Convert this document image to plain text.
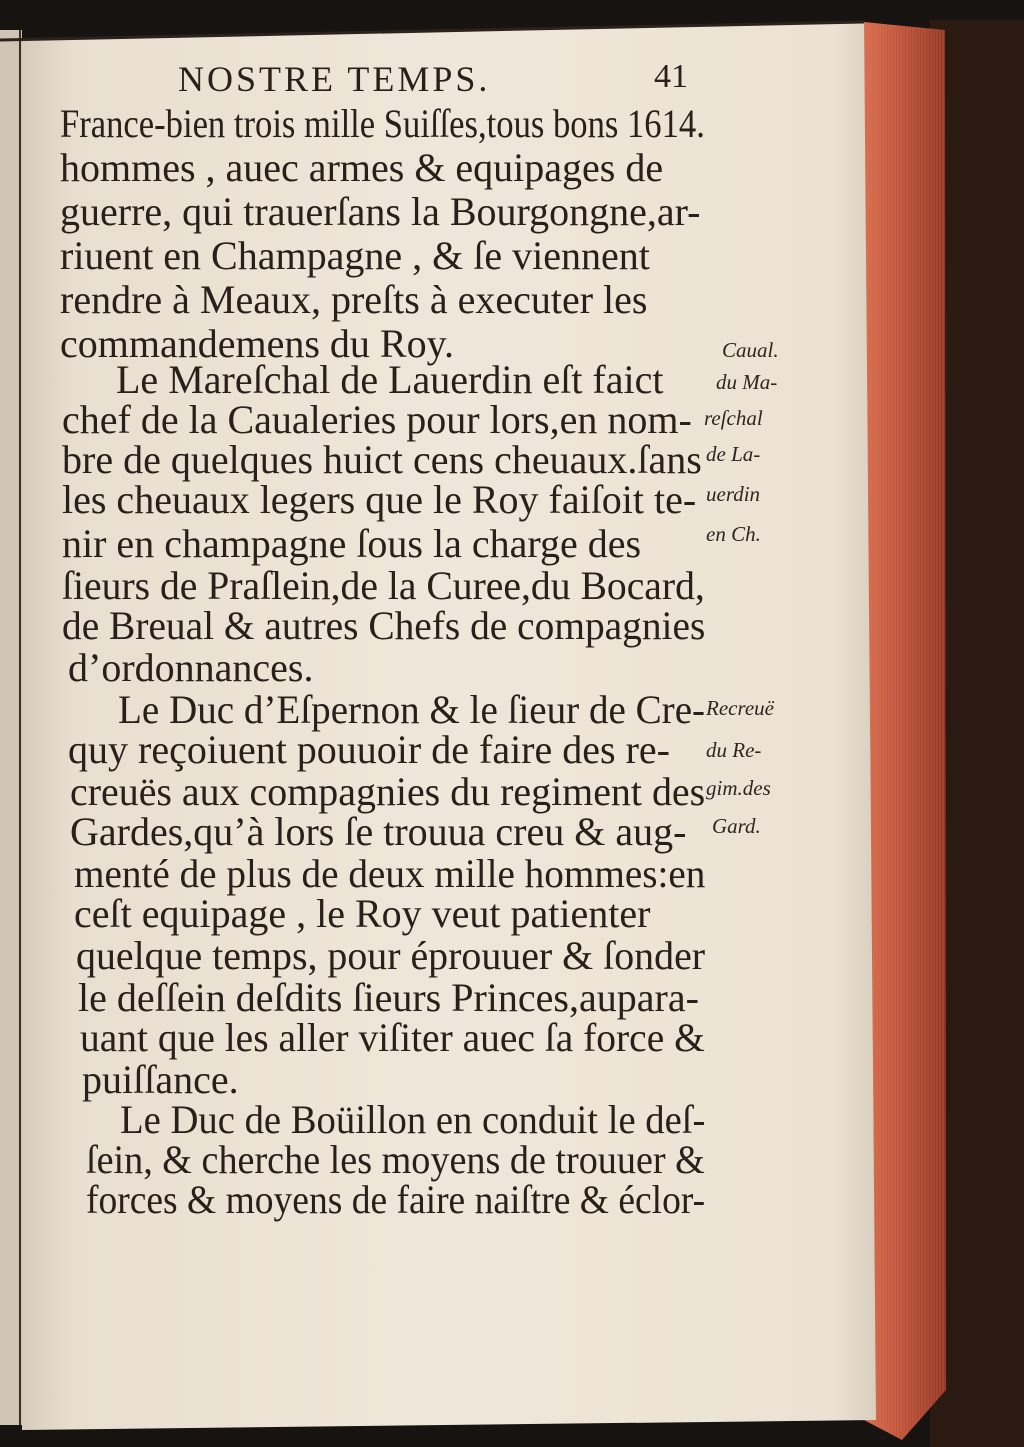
NOSTRE TEMPS.	41
France-bien trois mille Suiſſes,tous bons 1614.
hommes , auec armes & equipages de
guerre, qui trauerſans la Bourgongne,ar-
riuent en Champagne , & ſe viennent
rendre à Meaux, preſts à executer les
commandemens du Roy.
Le Mareſchal de Lauerdin eſt faict
chef de la Caualeries pour lors,en nom-
bre de quelques huict cens cheuaux.ſans
les cheuaux legers que le Roy faiſoit te-
nir en champagne ſous la charge des
ſieurs de Praſlein,de la Curee,du Bocard,
de Breual & autres Chefs de compagnies
d’ordonnances.
Le Duc d’Eſpernon & le ſieur de Cre-
quy reçoiuent pouuoir de faire des re-
creuës aux compagnies du regiment des
Gardes,qu’à lors ſe trouua creu & aug-
menté de plus de deux mille hommes:en
ceſt equipage , le Roy veut patienter
quelque temps, pour éprouuer & ſonder
le deſſein deſdits ſieurs Princes,aupara-
uant que les aller viſiter auec ſa force &
puiſſance.
Le Duc de Boüillon en conduit le deſ-
ſein, & cherche les moyens de trouuer &
forces & moyens de faire naiſtre & éclor-
Caual.
du Ma-
reſchal
de La-
uerdin
en Ch.
Recreuë
du Re-
gim.des
Gard.
